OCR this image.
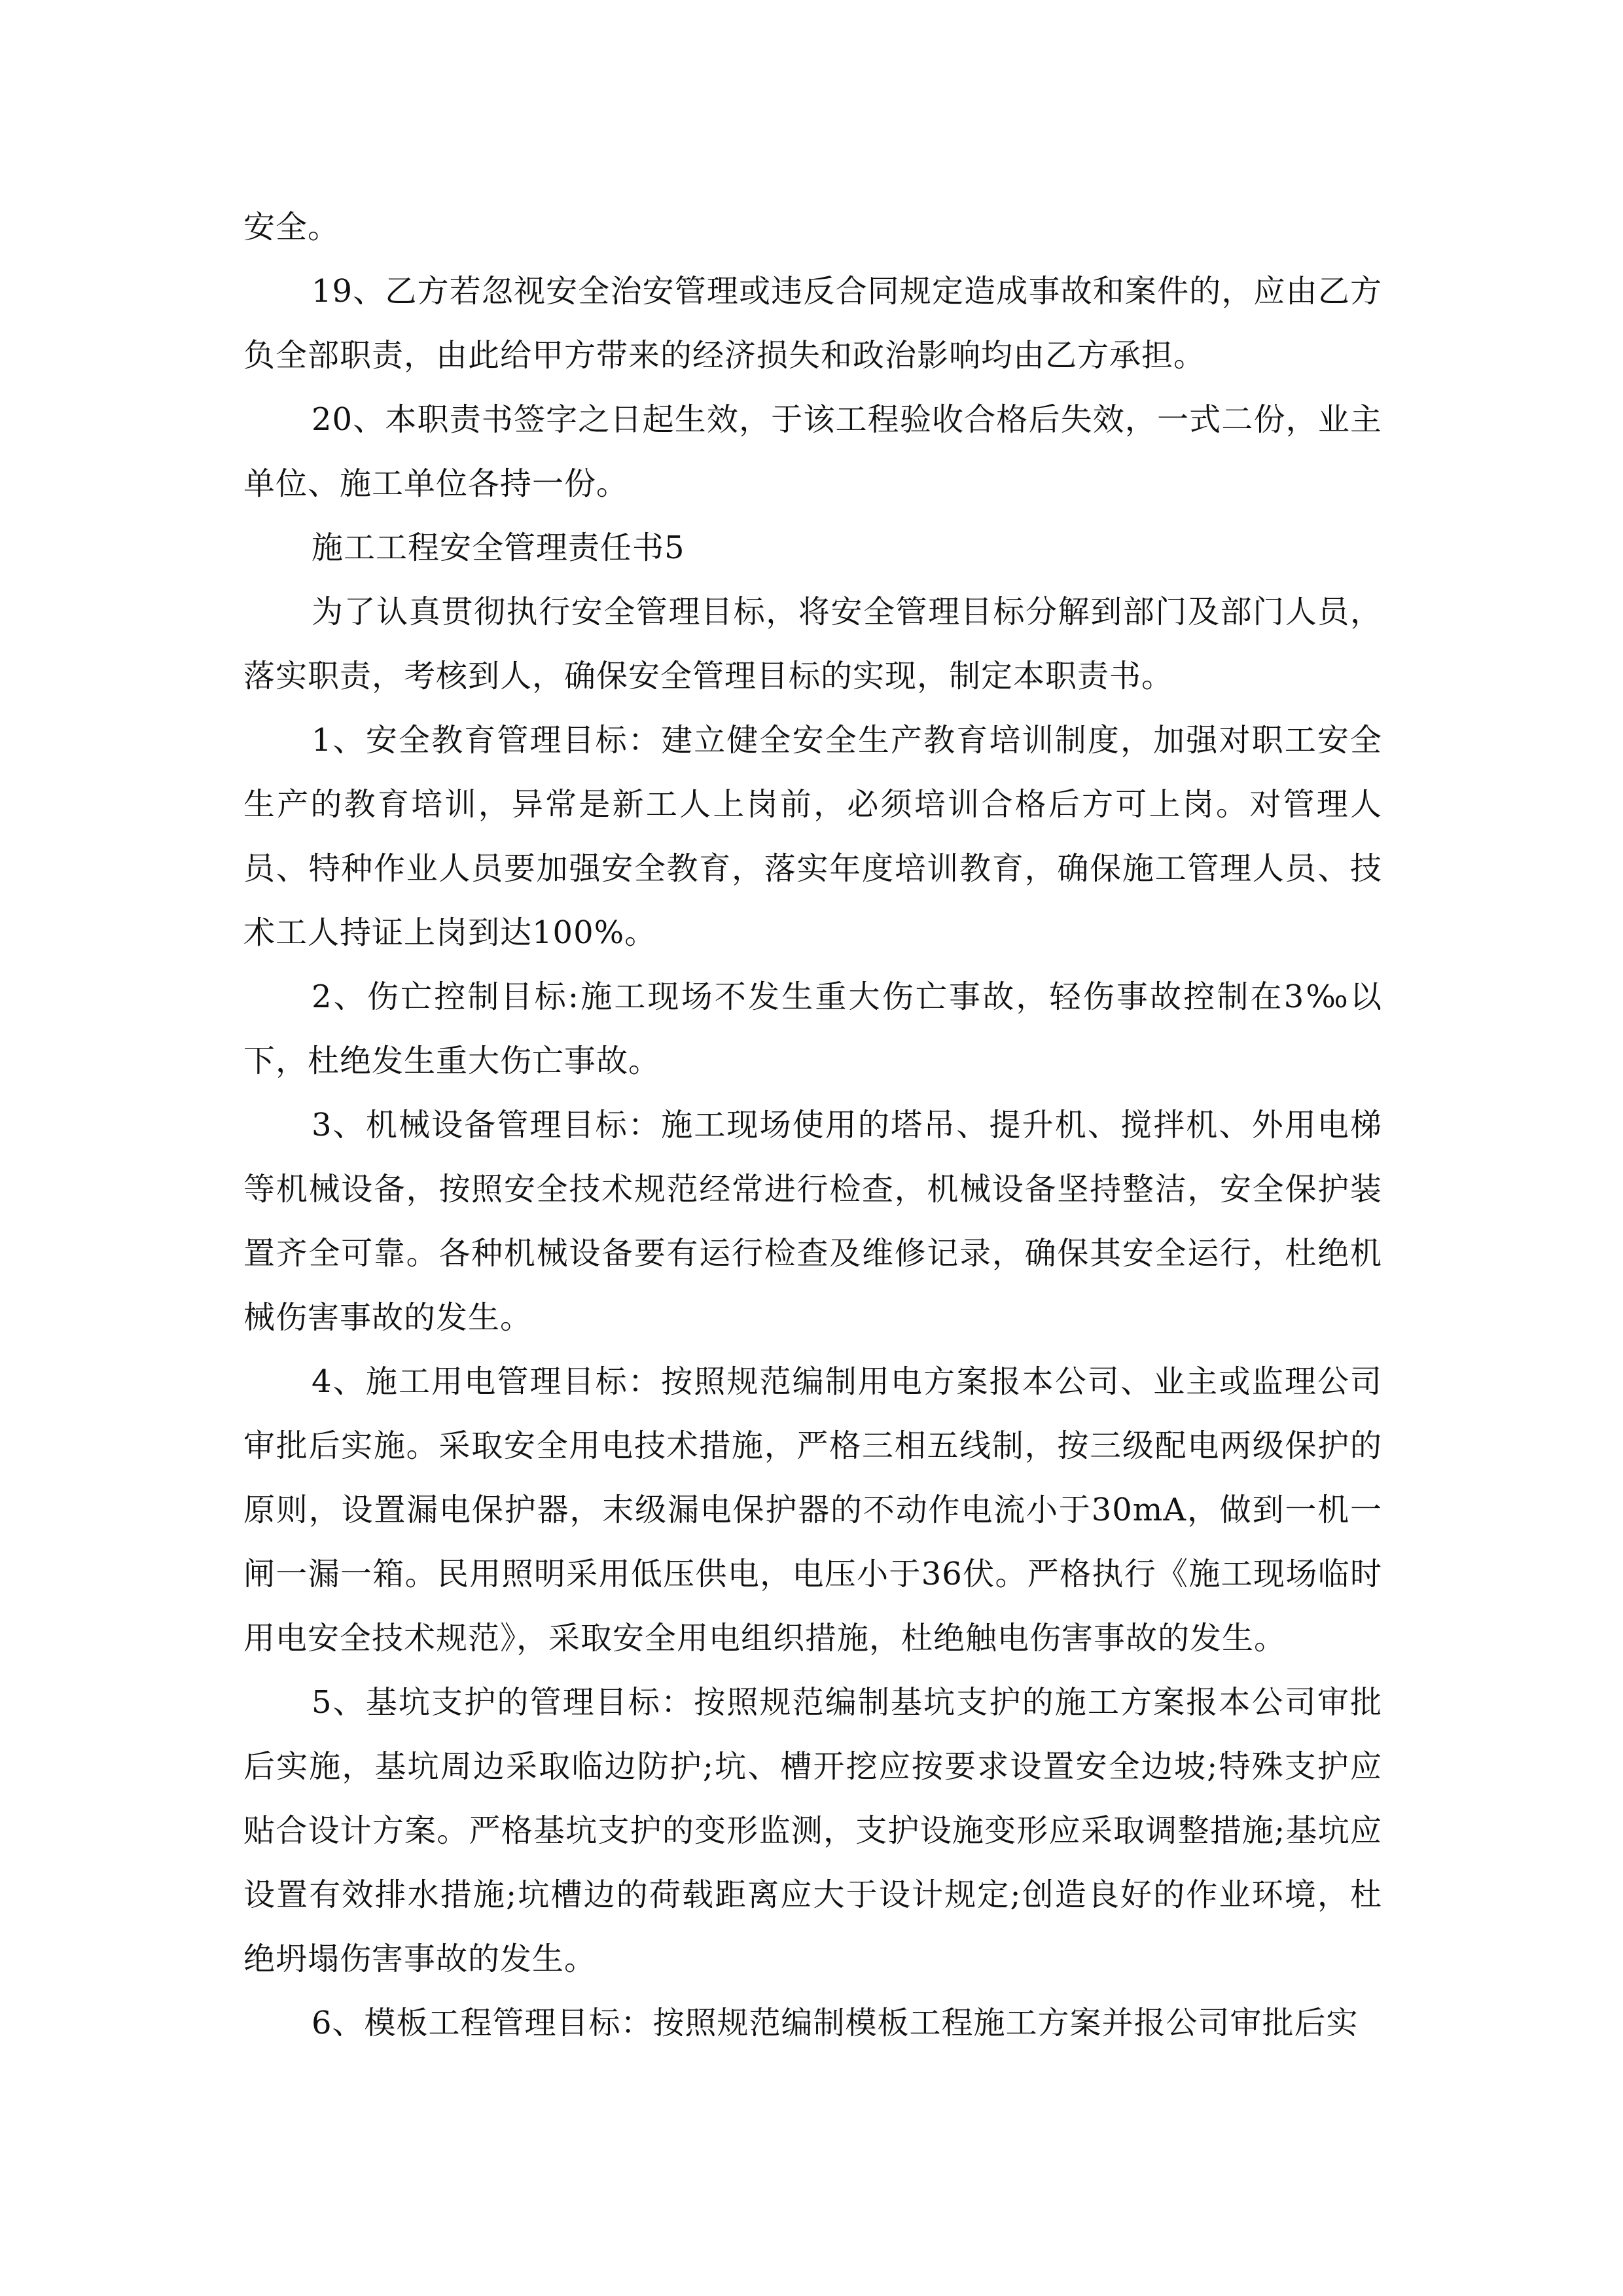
安全。

19、乙方若忽视安全治安管理或违反合同规定造成事故和案件的，应由乙方负全部职责，由此给甲方带来的经济损失和政治影响均由乙方承担。

20、本职责书签字之日起生效，于该工程验收合格后失效，一式二份，业主单位、施工单位各持一份。

施工工程安全管理责任书5

为了认真贯彻执行安全管理目标，将安全管理目标分解到部门及部门人员，落实职责，考核到人，确保安全管理目标的实现，制定本职责书。

1、安全教育管理目标：建立健全安全生产教育培训制度，加强对职工安全生产的教育培训，异常是新工人上岗前，必须培训合格后方可上岗。对管理人员、特种作业人员要加强安全教育，落实年度培训教育，确保施工管理人员、技术工人持证上岗到达100%。

2、伤亡控制目标:施工现场不发生重大伤亡事故，轻伤事故控制在3‰以下，杜绝发生重大伤亡事故。

3、机械设备管理目标：施工现场使用的塔吊、提升机、搅拌机、外用电梯等机械设备，按照安全技术规范经常进行检查，机械设备坚持整洁，安全保护装置齐全可靠。各种机械设备要有运行检查及维修记录，确保其安全运行，杜绝机械伤害事故的发生。

4、施工用电管理目标：按照规范编制用电方案报本公司、业主或监理公司审批后实施。采取安全用电技术措施，严格三相五线制，按三级配电两级保护的原则，设置漏电保护器，末级漏电保护器的不动作电流小于30mA，做到一机一闸一漏一箱。民用照明采用低压供电，电压小于36伏。严格执行《施工现场临时用电安全技术规范》，采取安全用电组织措施，杜绝触电伤害事故的发生。

5、基坑支护的管理目标：按照规范编制基坑支护的施工方案报本公司审批后实施，基坑周边采取临边防护;坑、槽开挖应按要求设置安全边坡;特殊支护应贴合设计方案。严格基坑支护的变形监测，支护设施变形应采取调整措施;基坑应设置有效排水措施;坑槽边的荷载距离应大于设计规定;创造良好的作业环境，杜绝坍塌伤害事故的发生。

6、模板工程管理目标：按照规范编制模板工程施工方案并报公司审批后实
